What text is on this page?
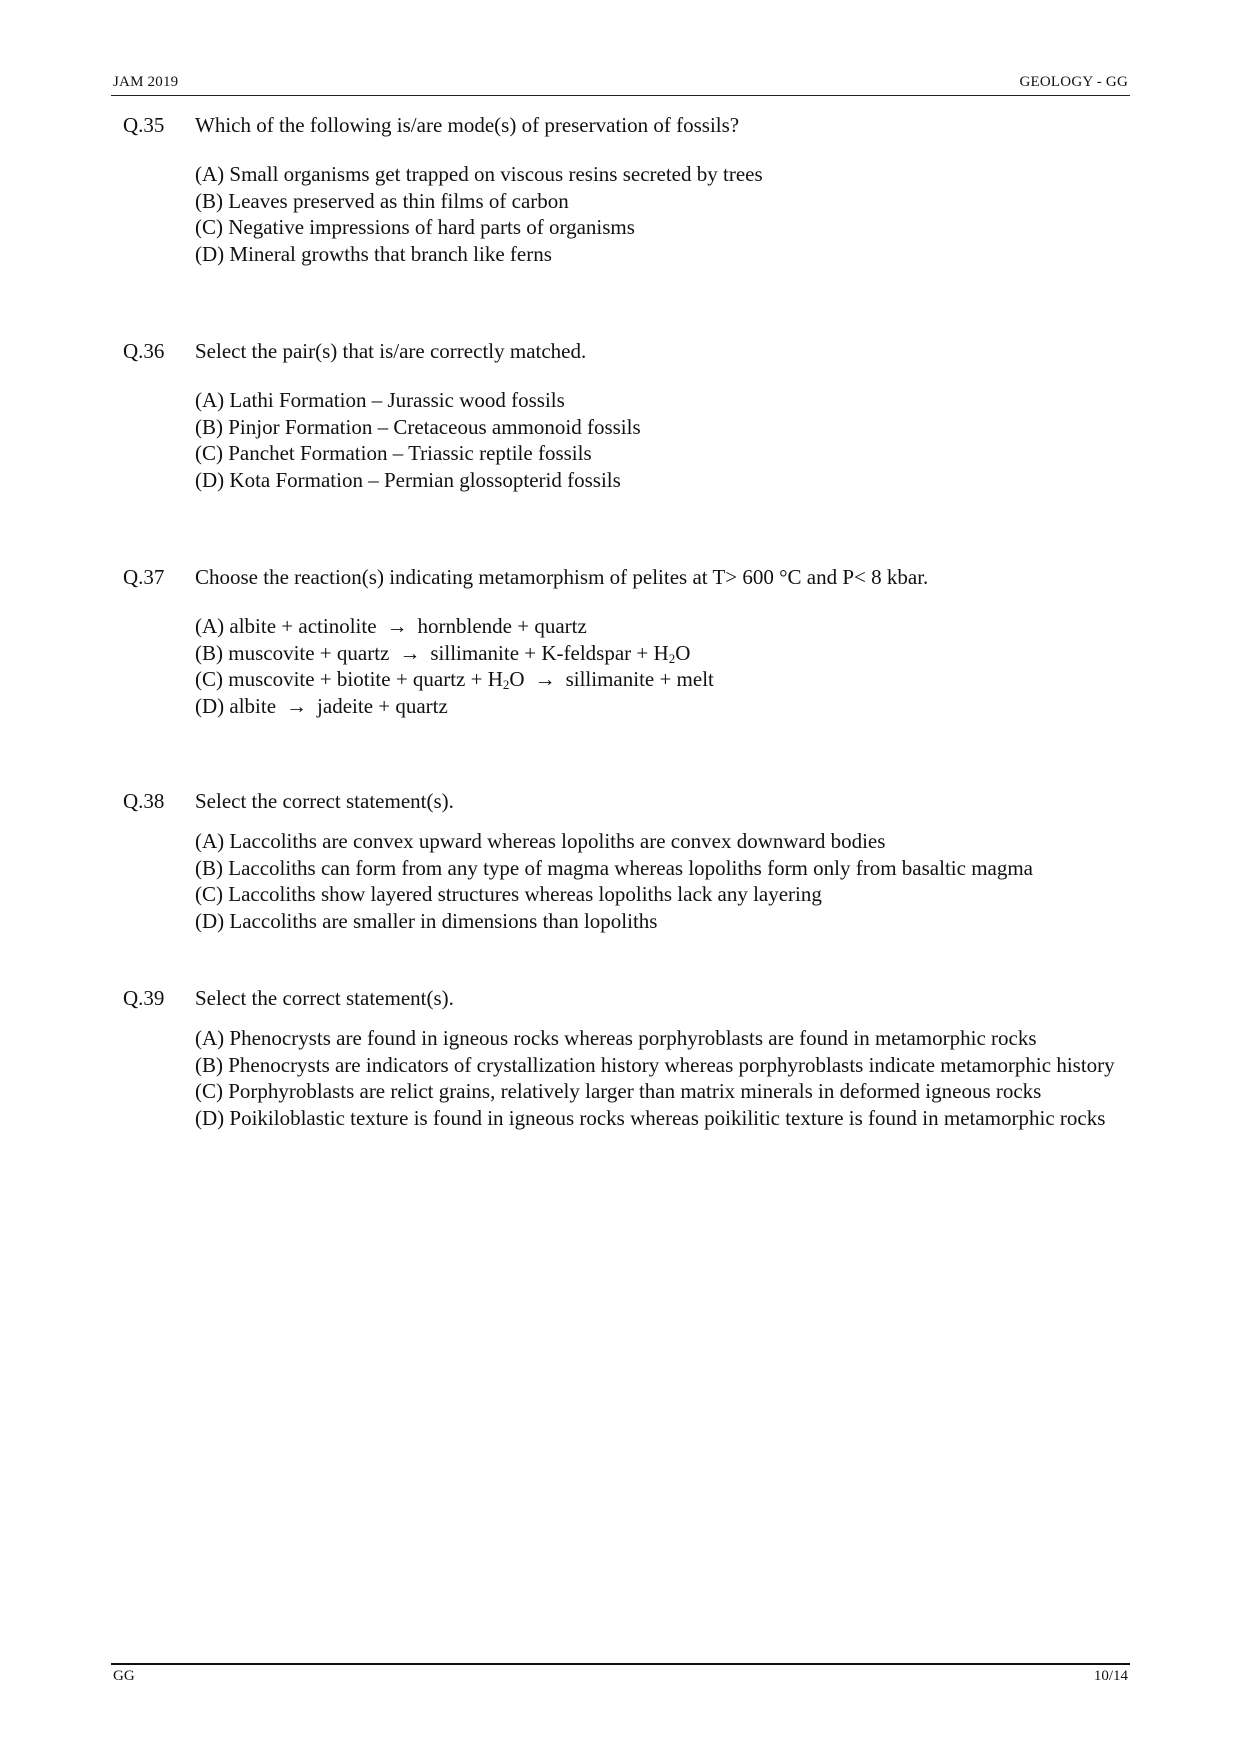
JAM 2019	GEOLOGY - GG
Q.35 Which of the following is/are mode(s) of preservation of fossils?
(A) Small organisms get trapped on viscous resins secreted by trees
(B) Leaves preserved as thin films of carbon
(C) Negative impressions of hard parts of organisms
(D) Mineral growths that branch like ferns
Q.36 Select the pair(s) that is/are correctly matched.
(A) Lathi Formation – Jurassic wood fossils
(B) Pinjor Formation – Cretaceous ammonoid fossils
(C) Panchet Formation – Triassic reptile fossils
(D) Kota Formation – Permian glossopterid fossils
Q.37 Choose the reaction(s) indicating metamorphism of pelites at T> 600 °C and P< 8 kbar.
(A) albite + actinolite → hornblende + quartz
(B) muscovite + quartz → sillimanite + K-feldspar + $H_2O$
(C) muscovite + biotite + quartz + $H_2O$ → sillimanite + melt
(D) albite → jadeite + quartz
Q.38 Select the correct statement(s).
(A) Laccoliths are convex upward whereas lopoliths are convex downward bodies
(B) Laccoliths can form from any type of magma whereas lopoliths form only from basaltic magma
(C) Laccoliths show layered structures whereas lopoliths lack any layering
(D) Laccoliths are smaller in dimensions than lopoliths
Q.39 Select the correct statement(s).
(A) Phenocrysts are found in igneous rocks whereas porphyroblasts are found in metamorphic rocks
(B) Phenocrysts are indicators of crystallization history whereas porphyroblasts indicate metamorphic history
(C) Porphyroblasts are relict grains, relatively larger than matrix minerals in deformed igneous rocks
(D) Poikiloblastic texture is found in igneous rocks whereas poikilitic texture is found in metamorphic rocks
GG	10/14
